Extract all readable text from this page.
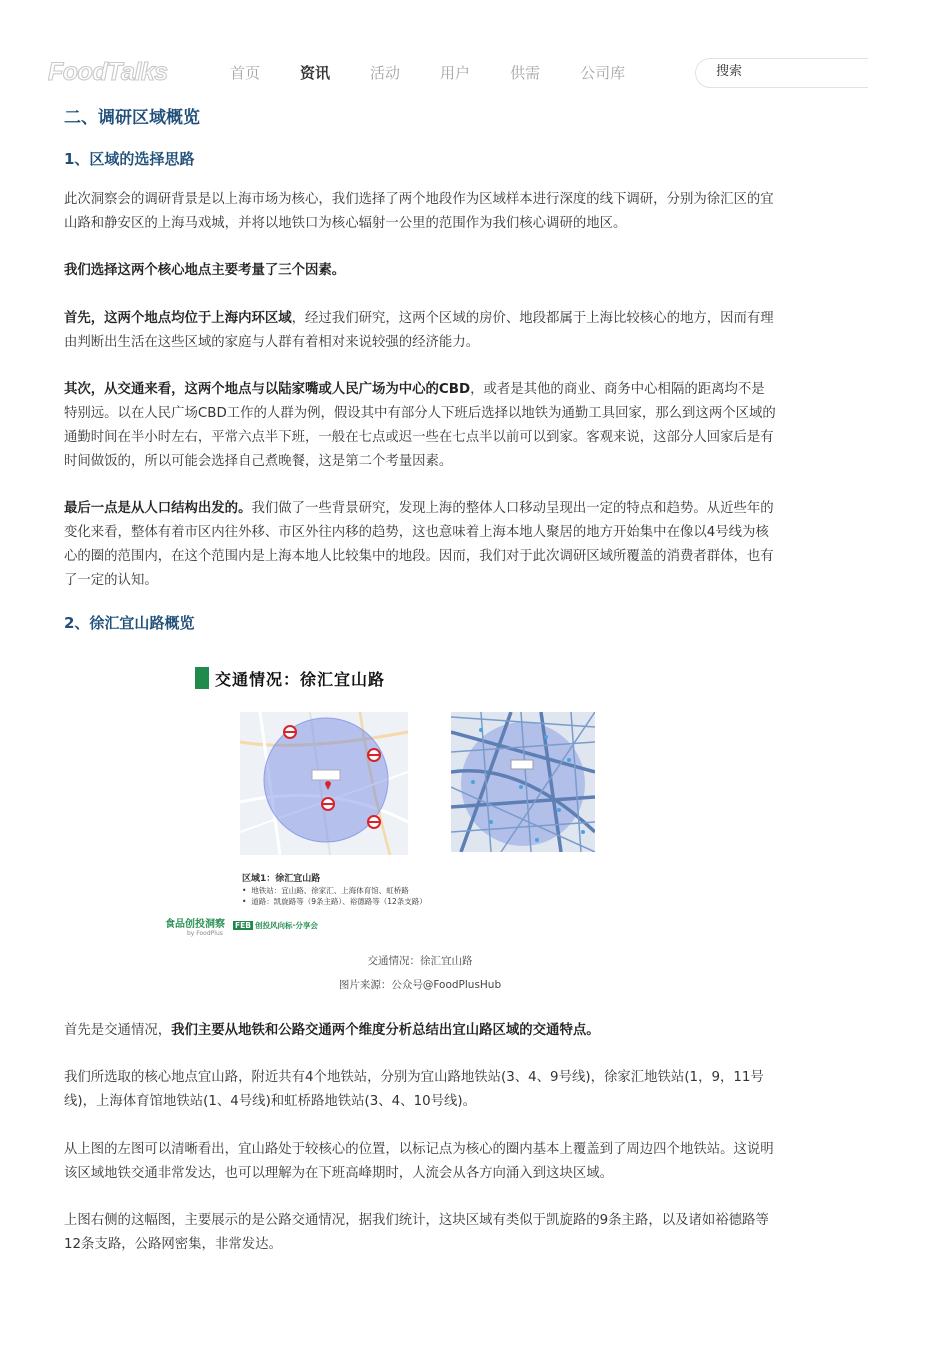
FoodTalks	首页	资讯	活动	用户	供需	公司库
搜索
二、调研区域概览
1、区域的选择思路

此次洞察会的调研背景是以上海市场为核心，我们选择了两个地段作为区域样本进行深度的线下调研，分别为徐汇区的宜山路和静安区的上海马戏城，并将以地铁口为核心辐射一公里的范围作为我们核心调研的地区。

我们选择这两个核心地点主要考量了三个因素。

首先，这两个地点均位于上海内环区域，经过我们研究，这两个区域的房价、地段都属于上海比较核心的地方，因而有理由判断出生活在这些区域的家庭与人群有着相对来说较强的经济能力。

其次，从交通来看，这两个地点与以陆家嘴或人民广场为中心的CBD，或者是其他的商业、商务中心相隔的距离均不是特别远。以在人民广场CBD工作的人群为例，假设其中有部分人下班后选择以地铁为通勤工具回家，那么到这两个区域的通勤时间在半小时左右，平常六点半下班，一般在七点或迟一些在七点半以前可以到家。客观来说，这部分人回家后是有时间做饭的，所以可能会选择自己煮晚餐，这是第二个考量因素。

最后一点是从人口结构出发的。我们做了一些背景研究，发现上海的整体人口移动呈现出一定的特点和趋势。从近些年的变化来看，整体有着市区内往外移、市区外往内移的趋势，这也意味着上海本地人聚居的地方开始集中在像以4号线为核心的圈的范围内，在这个范围内是上海本地人比较集中的地段。因而，我们对于此次调研区域所覆盖的消费者群体，也有了一定的认知。

2、徐汇宜山路概览
交通情况：徐汇宜山路
图片来源：公众号@FoodPlusHub

首先是交通情况，我们主要从地铁和公路交通两个维度分析总结出宜山路区域的交通特点。

我们所选取的核心地点宜山路，附近共有4个地铁站，分别为宜山路地铁站(3、4、9号线)，徐家汇地铁站(1，9，11号线)，上海体育馆地铁站(1、4号线)和虹桥路地铁站(3、4、10号线)。

从上图的左图可以清晰看出，宜山路处于较核心的位置，以标记点为核心的圈内基本上覆盖到了周边四个地铁站。这说明该区域地铁交通非常发达，也可以理解为在下班高峰期时，人流会从各方向涌入到这块区域。

上图右侧的这幅图，主要展示的是公路交通情况，据我们统计，这块区域有类似于凯旋路的9条主路，以及诸如裕德路等12条支路，公路网密集，非常发达。

交通情况：徐汇宜山路
区域1：徐汇宜山路
•  地铁站：宜山路、徐家汇、上海体育馆、虹桥路
•  道路：凯旋路等（9条主路）、裕德路等（12条支路）
食品创投洞察
by FoodPlus
FEB 创投风向标·分享会
